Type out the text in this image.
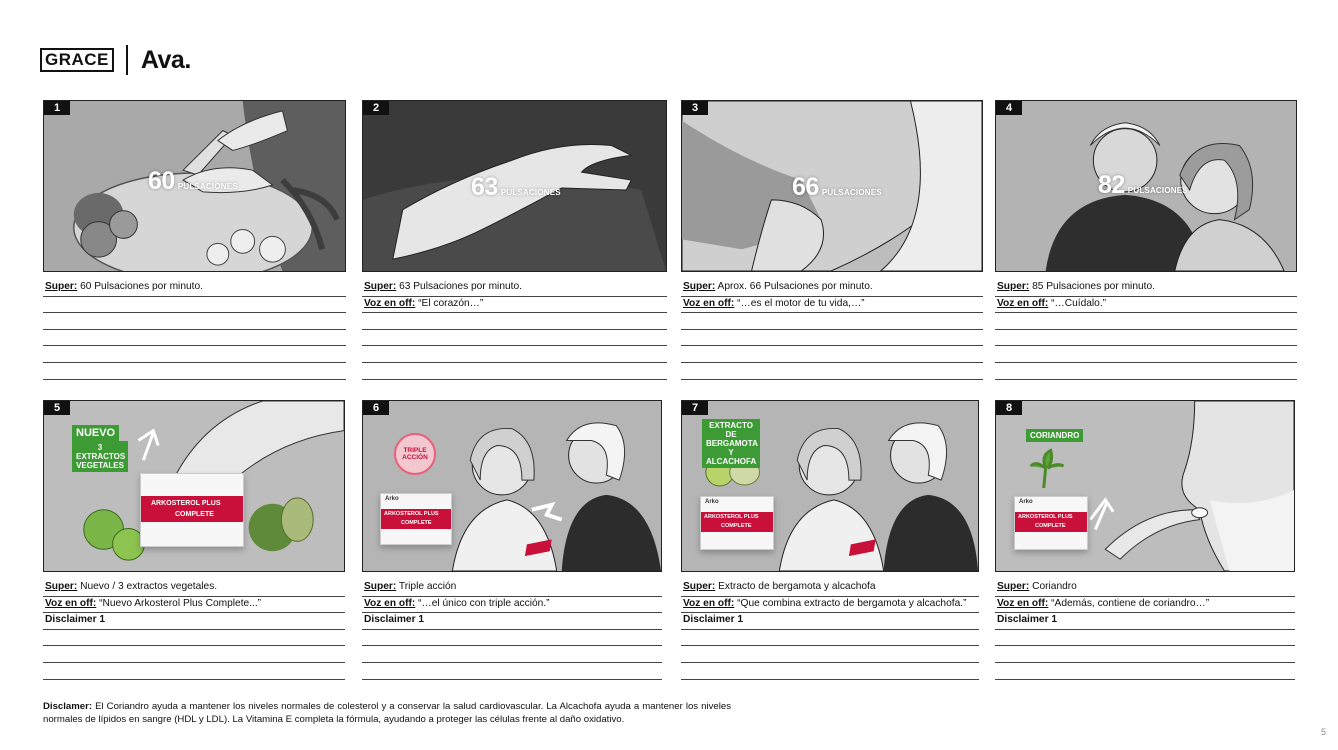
GRACE Ava.
1
60 PULSACIONES
Super: 60 Pulsaciones por minuto.
2
63 PULSACIONES
Super: 63 Pulsaciones por minuto.
Voz en off: “El corazón…”
3
66 PULSACIONES
Super: Aprox. 66 Pulsaciones por minuto.
Voz en off: “…es el motor de tu vida,…”
4
82 PULSACIONES
Super: 85 Pulsaciones por minuto.
Voz en off: “…Cuídalo.”
5
NUEVO
3 EXTRACTOS VEGETALES
ARKOSTEROL PLUS
COMPLETE
Super: Nuevo / 3 extractos vegetales.
Voz en off: “Nuevo Arkosterol Plus Complete...”
Disclaimer 1
6
TRIPLE ACCIÓN
Arko
ARKOSTEROL PLUS
COMPLETE
Super: Triple acción
Voz en off: “…el único con triple acción.”
Disclaimer 1
7
EXTRACTO DE BERGAMOTA Y ALCACHOFA
Arko
ARKOSTEROL PLUS
COMPLETE
Super: Extracto de bergamota y alcachofa
Voz en off: “Que combina extracto de bergamota y alcachofa.”
Disclaimer 1
8
CORIANDRO
Arko
ARKOSTEROL PLUS
COMPLETE
Super: Coriandro
Voz en off: “Además, contiene de coriandro…”
Disclaimer 1
Disclamer: El Coriandro ayuda a mantener los niveles normales de colesterol y a conservar la salud cardiovascular. La Alcachofa ayuda a mantener los niveles normales de lípidos en sangre (HDL y LDL). La Vitamina E completa la fórmula, ayudando a proteger las células frente al daño oxidativo.
5
